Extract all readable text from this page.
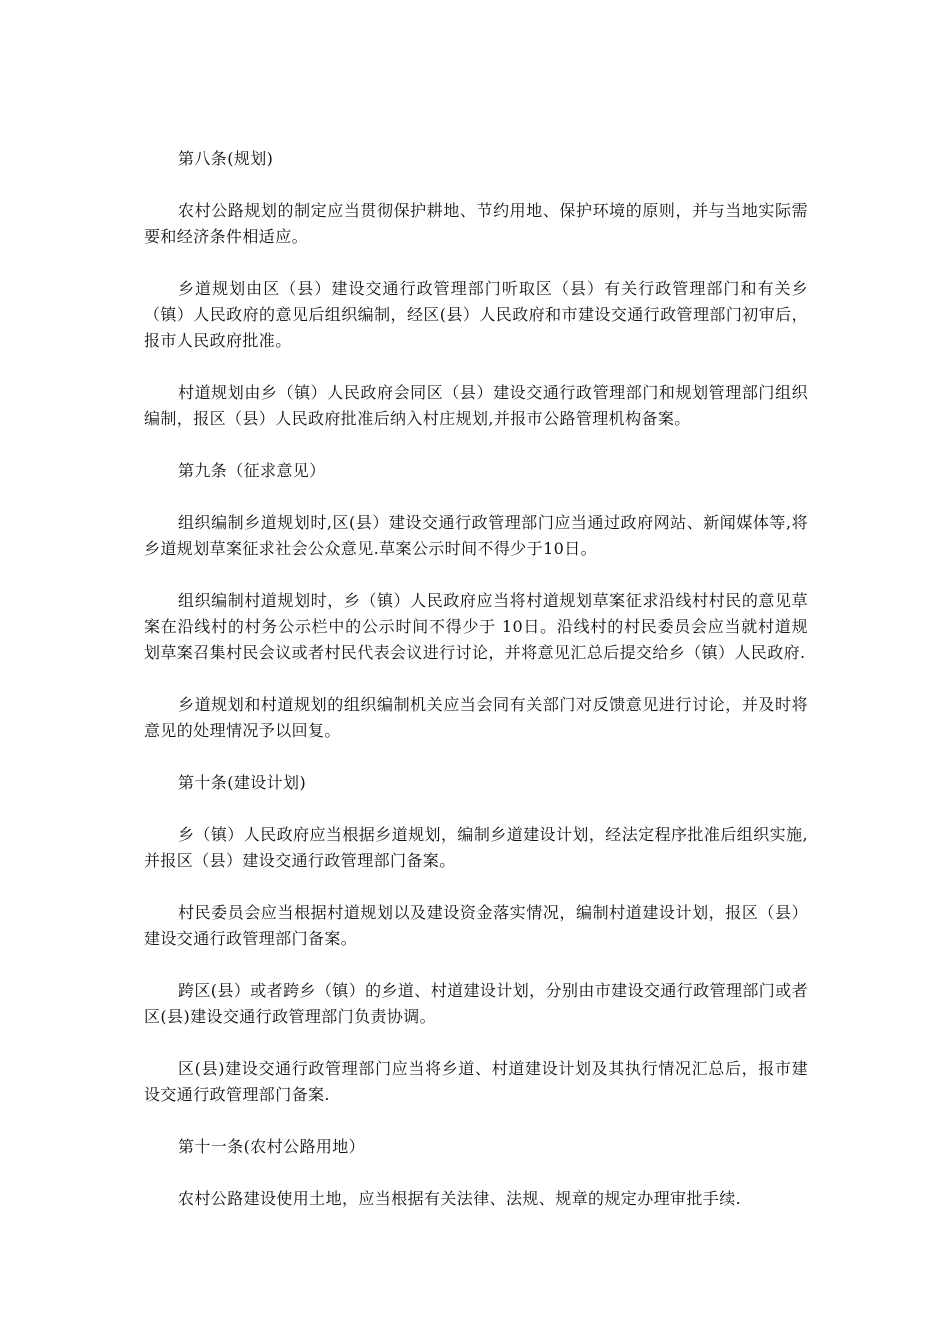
第八条(规划)

农村公路规划的制定应当贯彻保护耕地、节约用地、保护环境的原则，并与当地实际需要和经济条件相适应。

乡道规划由区（县）建设交通行政管理部门听取区（县）有关行政管理部门和有关乡（镇）人民政府的意见后组织编制，经区(县）人民政府和市建设交通行政管理部门初审后，报市人民政府批准。

村道规划由乡（镇）人民政府会同区（县）建设交通行政管理部门和规划管理部门组织编制，报区（县）人民政府批准后纳入村庄规划,并报市公路管理机构备案。

第九条（征求意见）

组织编制乡道规划时,区(县）建设交通行政管理部门应当通过政府网站、新闻媒体等,将乡道规划草案征求社会公众意见.草案公示时间不得少于10日。

组织编制村道规划时，乡（镇）人民政府应当将村道规划草案征求沿线村村民的意见草案在沿线村的村务公示栏中的公示时间不得少于 10日。沿线村的村民委员会应当就村道规划草案召集村民会议或者村民代表会议进行讨论，并将意见汇总后提交给乡（镇）人民政府.

乡道规划和村道规划的组织编制机关应当会同有关部门对反馈意见进行讨论，并及时将意见的处理情况予以回复。

第十条(建设计划)

乡（镇）人民政府应当根据乡道规划，编制乡道建设计划，经法定程序批准后组织实施,并报区（县）建设交通行政管理部门备案。

村民委员会应当根据村道规划以及建设资金落实情况，编制村道建设计划，报区（县）建设交通行政管理部门备案。

跨区(县）或者跨乡（镇）的乡道、村道建设计划，分别由市建设交通行政管理部门或者区(县)建设交通行政管理部门负责协调。

区(县)建设交通行政管理部门应当将乡道、村道建设计划及其执行情况汇总后，报市建设交通行政管理部门备案.

第十一条(农村公路用地）

农村公路建设使用土地，应当根据有关法律、法规、规章的规定办理审批手续.
